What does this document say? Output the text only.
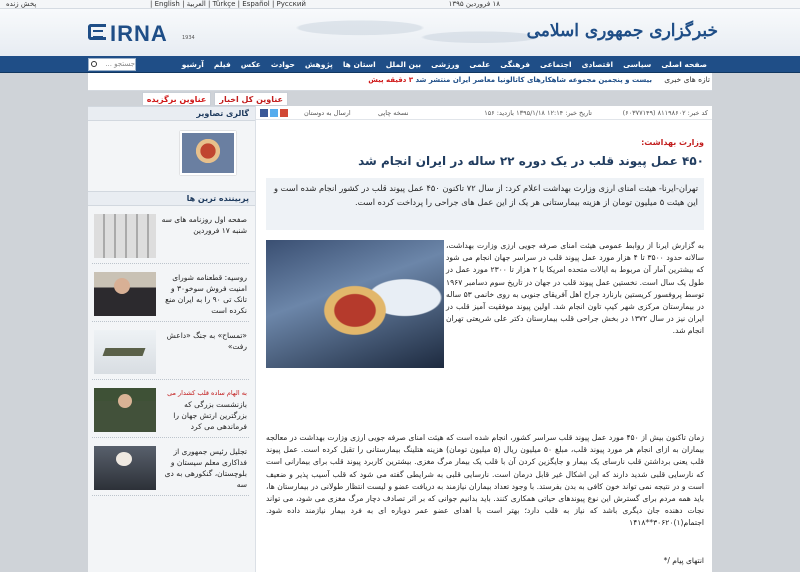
پخش زنده	| English | العربیة | Türkçe | Español | Русский	۱۸ فروردین ۱۳۹۵
IRNA	1934	خبرگزاری جمهوری اسلامی
جستجو ...	صفحه اصلی
سیاسی
اقتصادی
اجتماعی
فرهنگی
علمی
ورزشی
بین الملل
استان ها
پژوهش
حوادث
عکس
فیلم
آرشیو
تازه های خبری
بیست و پنجمین مجموعه شاهکارهای کاتالونیا معاصر ایران منتشر شد ۳ دقیقه پیش
عناوین کل اخبار
عناوین برگزیده
گالری تصاویر
پربیننده ترین ها
صفحه اول روزنامه های سه شنبه ۱۷ فروردین
روسیه: قطعنامه شورای امنیت فروش سوخو۳۰ و تانک تی ۹۰ را به ایران منع نکرده است
«تمساح» به جنگ «داعش رفت»
به الهام ساده قلب کشدار می
بازنشست بزرگی که بزرگترین ارتش جهان را فرماندهی می کرد
تجلیل رئیس جمهوری از فداکاری معلم سیستان و بلوچستان، گنکورهی به دی سه
کد خبر: ۸۱۱۹۸۶۰۲ (۶۰۳۷۷۱۴۹)
تاریخ خبر: ۱۲:۱۴ ۱۳۹۵/۱/۱۸
بازدید: ۱۵۶
نسخه چاپی
ارسال به دوستان
وزارت بهداشت:
۴۵۰ عمل پیوند قلب در یک دوره ۲۲ ساله در ایران انجام شد
تهران-ایرنا- هیئت امنای ارزی وزارت بهداشت اعلام کرد: از سال ۷۲ تاکنون ۴۵۰ عمل پیوند قلب در کشور انجام شده است و این هیئت ۵ میلیون تومان از هزینه بیمارستانی هر یک از این عمل های جراحی را پرداخت کرده است.
به گزارش ایرنا از روابط عمومی هیئت امنای صرفه جویی ارزی وزارت بهداشت، سالانه حدود ۳۵۰۰ تا ۴ هزار مورد عمل پیوند قلب در سراسر جهان انجام می شود که بیشترین آمار آن مربوط به ایالات متحده امریکا با ۲ هزار تا ۲۳۰۰ مورد عمل در طول یک سال است. نخستین عمل پیوند قلب در جهان در تاریخ سوم دسامبر ۱۹۶۷ توسط پروفسور کریستین بارنارد جراح اهل آفریقای جنوبی به روی خانمی ۵۳ ساله در بیمارستان مرکزی شهر کیپ تاون انجام شد. اولین پیوند موفقیت آمیز قلب در ایران نیز در سال ۱۳۷۲ در بخش جراحی قلب بیمارستان دکتر علی شریعتی تهران انجام شد.
زمان تاکنون بیش از ۴۵۰ مورد عمل پیوند قلب سراسر کشور، انجام شده است که هیئت امنای صرفه جویی ارزی وزارت بهداشت در معالجه بیماران به ازای انجام هر مورد پیوند قلب، مبلغ ۵۰ میلیون ریال (۵ میلیون تومان) هزینه هتلینگ بیمارستانی را تقبل کرده است. عمل پیوند قلب یعنی برداشتن قلب نارسای یک بیمار و جایگزین کردن آن با قلب یک بیمار مرگ مغزی. بیشترین کاربرد پیوند قلب برای بیمارانی است که نارسایی قلبی شدید دارند که این اشکال غیر قابل درمان است. نارسایی قلبی به شرایطی گفته می شود که قلب آسیب پذیر و ضعیف است و در نتیجه نمی تواند خون کافی به بدن بفرستد. با وجود تعداد بیماران نیازمند به دریافت عضو و لیست انتظار طولانی در بیمارستان ها، باید همه مردم برای گسترش این نوع پیوندهای حیاتی همکاری کنند. باید بدانیم جوانی که بر اثر تصادف دچار مرگ مغزی می شود، می تواند نجات دهنده جان دیگری باشد که نیاز به قلب دارد؛ بهتر است با اهدای عضو عمر دوباره ای به فرد بیمار نیازمند داده شود. اجتمام(۱)۳۰۶۲۰**۱۴۱۸
انتهای پیام /*
